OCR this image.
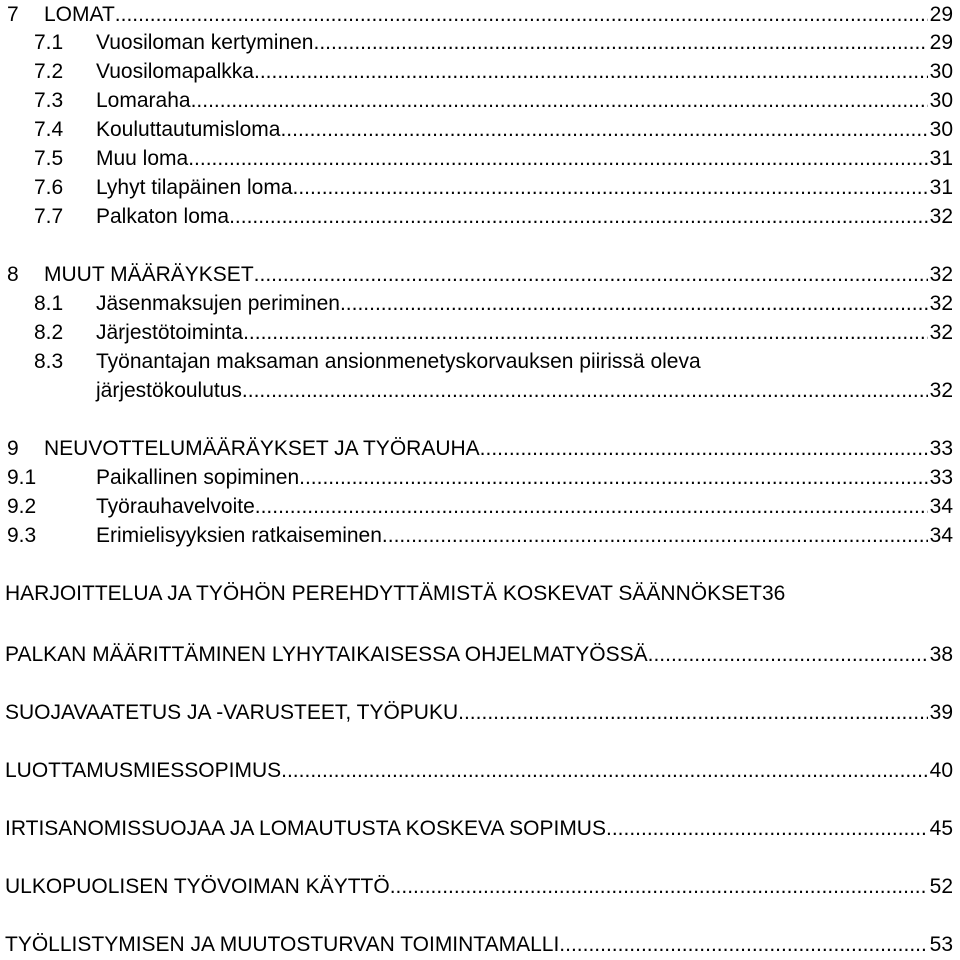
7	LOMAT .....	29
7.1	Vuosiloman kertyminen .....	29
7.2	Vuosilomapalkka .....	30
7.3	Lomaraha .....	30
7.4	Kouluttautumisloma .....	30
7.5	Muu loma .....	31
7.6	Lyhyt tilapäinen loma .....	31
7.7	Palkaton loma .....	32
8	MUUT MÄÄRÄYKSET .....	32
8.1	Jäsenmaksujen periminen .....	32
8.2	Järjestötoiminta .....	32
8.3	Työnantajan maksaman ansionmenetyskorvauksen piirissä oleva
järjestökoulutus .....	32
9	NEUVOTTELUMÄÄRÄYKSET JA TYÖRAUHA .....	33
9.1	Paikallinen sopiminen .....	33
9.2	Työrauhavelvoite .....	34
9.3	Erimielisyyksien ratkaiseminen .....	34
HARJOITTELUA JA TYÖHÖN PEREHDYTTÄMISTÄ KOSKEVAT SÄÄNNÖKSET 36
PALKAN MÄÄRITTÄMINEN LYHYTAIKAISESSA OHJELMATYÖSSÄ .....	38
SUOJAVAATETUS JA -VARUSTEET, TYÖPUKU .....	39
LUOTTAMUSMIESSOPIMUS .....	40
IRTISANOMISSUOJAA JA LOMAUTUSTA KOSKEVA SOPIMUS .....	45
ULKOPUOLISEN TYÖVOIMAN KÄYTTÖ .....	52
TYÖLLISTYMISEN JA MUUTOSTURVAN TOIMINTAMALLI .....	53
